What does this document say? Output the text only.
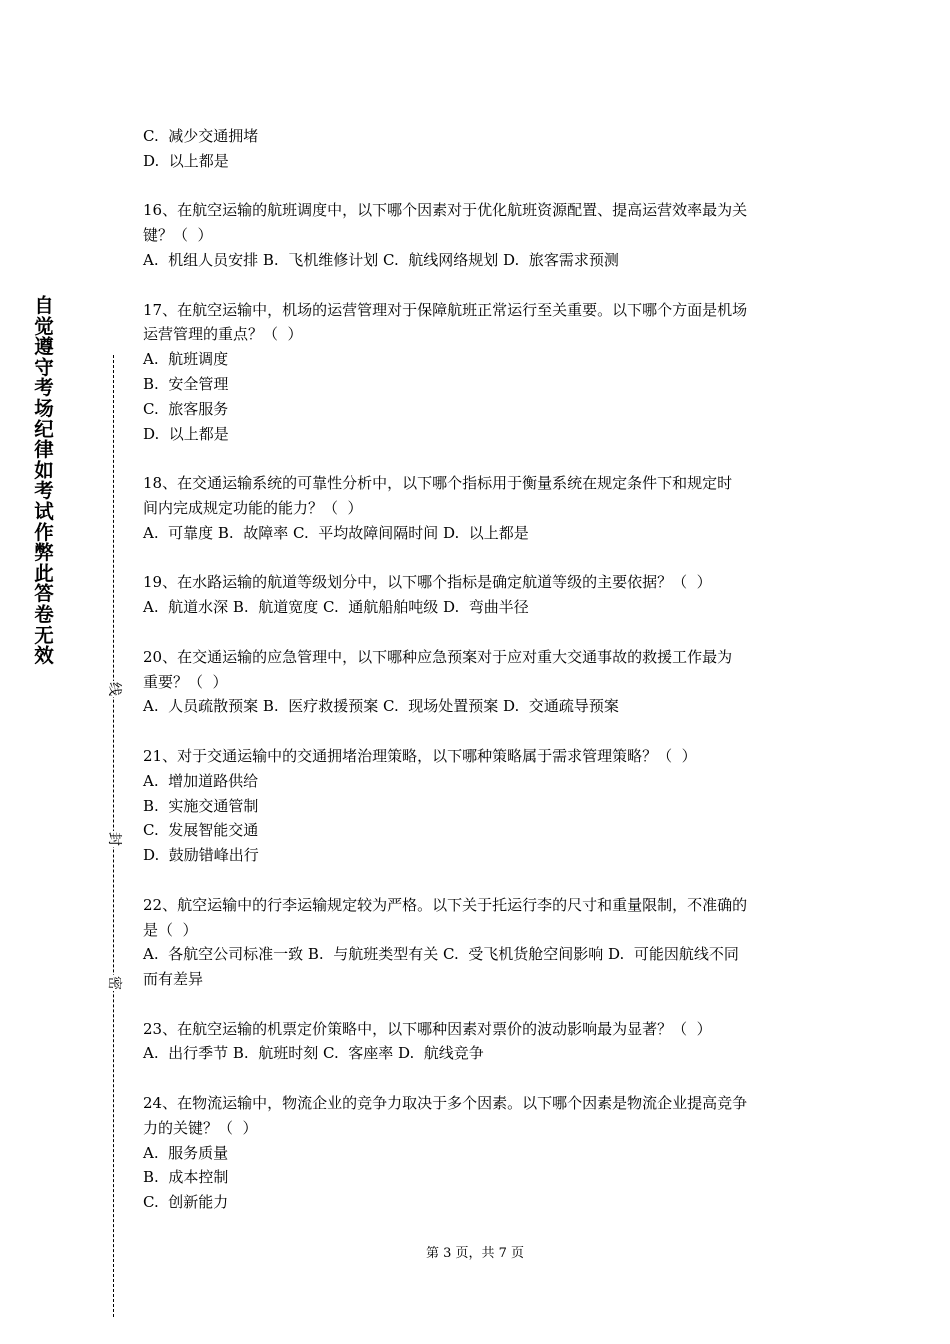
自觉遵守考场纪律如考试作弊此答卷无效
线
封
密

C.  减少交通拥堵

D.  以上都是

16、在航空运输的航班调度中，以下哪个因素对于优化航班资源配置、提高运营效率最为关

键？（  ）

A.  机组人员安排 B.  飞机维修计划 C.  航线网络规划 D.  旅客需求预测

17、在航空运输中，机场的运营管理对于保障航班正常运行至关重要。以下哪个方面是机场

运营管理的重点？（  ）

A.  航班调度

B.  安全管理

C.  旅客服务

D.  以上都是

18、在交通运输系统的可靠性分析中，以下哪个指标用于衡量系统在规定条件下和规定时

间内完成规定功能的能力？（  ）

A.  可靠度 B.  故障率 C.  平均故障间隔时间 D.  以上都是

19、在水路运输的航道等级划分中，以下哪个指标是确定航道等级的主要依据？（  ）

A.  航道水深 B.  航道宽度 C.  通航船舶吨级 D.  弯曲半径

20、在交通运输的应急管理中，以下哪种应急预案对于应对重大交通事故的救援工作最为

重要？（  ）

A.  人员疏散预案 B.  医疗救援预案 C.  现场处置预案 D.  交通疏导预案

21、对于交通运输中的交通拥堵治理策略，以下哪种策略属于需求管理策略？（  ）

A.  增加道路供给

B.  实施交通管制

C.  发展智能交通

D.  鼓励错峰出行

22、航空运输中的行李运输规定较为严格。以下关于托运行李的尺寸和重量限制，不准确的

是（  ）

A.  各航空公司标准一致 B.  与航班类型有关 C.  受飞机货舱空间影响 D.  可能因航线不同

而有差异

23、在航空运输的机票定价策略中，以下哪种因素对票价的波动影响最为显著？（  ）

A.  出行季节 B.  航班时刻 C.  客座率 D.  航线竞争

24、在物流运输中，物流企业的竞争力取决于多个因素。以下哪个因素是物流企业提高竞争

力的关键？（  ）

A.  服务质量

B.  成本控制

C.  创新能力

第 3 页，共 7 页
